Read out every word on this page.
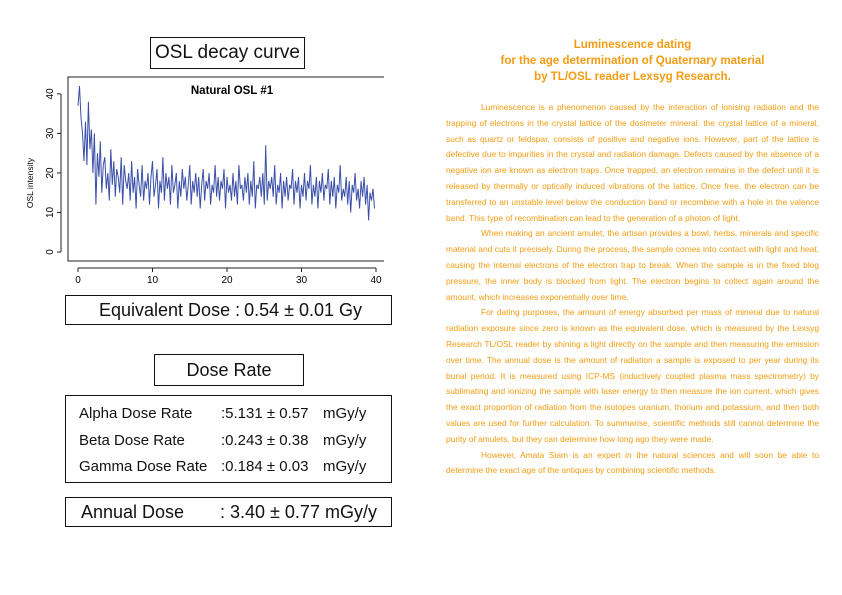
OSL decay curve
Natural OSL #1
OSL intensity
0	10	20	30	40
0
10
20
30
40
Equivalent Dose : 0.54 ± 0.01 Gy
Dose Rate
Alpha Dose Rate :5.131 ± 0.57 mGy/y
Beta Dose Rate :0.243 ± 0.38 mGy/y
Gamma Dose Rate :0.184 ± 0.03 mGy/y
Annual Dose : 3.40 ± 0.77 mGy/y
Luminescence dating
for the age determination of Quaternary material
by TL/OSL reader Lexsyg Research.

Luminescence is a phenomenon caused by the interaction of ionising radiation and the trapping of electrons in the crystal lattice of the dosimeter mineral. the crystal lattice of a mineral, such as quartz or feldspar, consists of positive and negative ions. However, part of the lattice is defective due to impurities in the crystal and radiation damage. Defects caused by the absence of a negative ion are known as electron traps. Once trapped, an electron remains in the defect until it is released by thermally or optically induced vibrations of the lattice. Once free, the electron can be transferred to an unstable level below the conduction band or recombine with a hole in the valence band. This type of recombination can lead to the generation of a photon of light.

When making an ancient amulet, the artisan provides a bowl, herbs, minerals and specific material and cuts it precisely. During the process, the sample comes into contact with light and heat, causing the internal electrons of the electron trap to break. When the sample is in the fixed blog pressure, the inner body is blocked from light. The electron begins to collect again around the amount, which increases exponentially over time.

For dating purposes, the amount of energy absorbed per mass of mineral due to natural radiation exposure since zero is known as the equivalent dose, which is measured by the Lexsyg Research TL/OSL reader by shining a light directly on the sample and then measuring the emission over time. The annual dose is the amount of radiation a sample is exposed to per year during its burial period. It is measured using ICP-MS (inductively coupled plasma mass spectrometry) by sublimating and ionizing the sample with laser energy to then measure the ion current, which gives the exact proportion of radiation from the isotopes uranium, thorium and potassium, and then both values are used for further calculation. To summarise, scientific methods still cannot determine the purity of amulets, but they can determine how long ago they were made.

However, Amata Siam is an expert in the natural sciences and will soon be able to determine the exact age of the antiques by combining scientific methods.
